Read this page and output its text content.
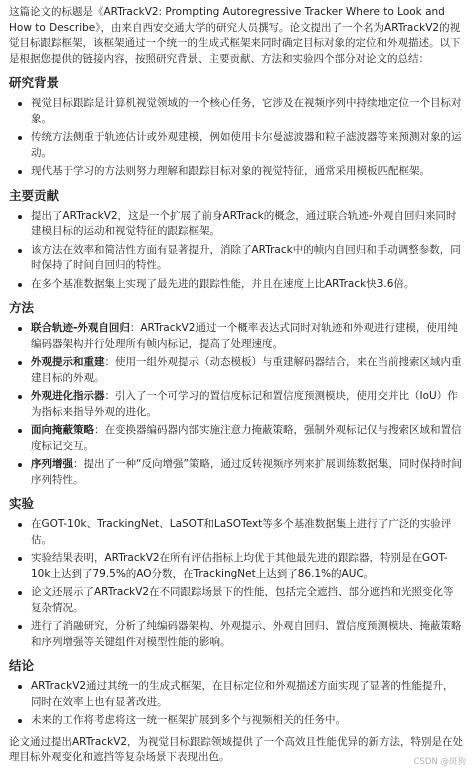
这篇论文的标题是《ARTrackV2: Prompting Autoregressive Tracker Where to Look and How to Describe》，由来自西安交通大学的研究人员撰写。论文提出了一个名为ARTrackV2的视觉目标跟踪框架，该框架通过一个统一的生成式框架来同时确定目标对象的定位和外观描述。以下是根据您提供的链接内容，按照研究背景、主要贡献、方法和实验四个部分对论文的总结：

研究背景
视觉目标跟踪是计算机视觉领域的一个核心任务，它涉及在视频序列中持续地定位一个目标对象。
传统方法侧重于轨迹估计或外观建模，例如使用卡尔曼滤波器和粒子滤波器等来预测对象的运动。
现代基于学习的方法则努力理解和跟踪目标对象的视觉特征，通常采用模板匹配框架。
主要贡献
提出了ARTrackV2，这是一个扩展了前身ARTrack的概念，通过联合轨迹-外观自回归来同时建模目标的运动和视觉特征的跟踪框架。
该方法在效率和简洁性方面有显著提升，消除了ARTrack中的帧内自回归和手动调整参数，同时保持了时间自回归的特性。
在多个基准数据集上实现了最先进的跟踪性能，并且在速度上比ARTrack快3.6倍。
方法
联合轨迹-外观自回归：ARTrackV2通过一个概率表达式同时对轨迹和外观进行建模，使用纯编码器架构并行处理所有帧内标记，提高了处理速度。
外观提示和重建：使用一组外观提示（动态模板）与重建解码器结合，来在当前搜索区域内重建目标的外观。
外观进化指示器：引入了一个可学习的置信度标记和置信度预测模块，使用交并比（IoU）作为指标来指导外观的进化。
面向掩蔽策略：在变换器编码器内部实施注意力掩蔽策略，强制外观标记仅与搜索区域和置信度标记交互。
序列增强：提出了一种“反向增强”策略，通过反转视频序列来扩展训练数据集，同时保持时间序列特性。
实验
在GOT-10k、TrackingNet、LaSOT和LaSOText等多个基准数据集上进行了广泛的实验评估。
实验结果表明，ARTrackV2在所有评估指标上均优于其他最先进的跟踪器，特别是在GOT-10k上达到了79.5%的AO分数，在TrackingNet上达到了86.1%的AUC。
论文还展示了ARTrackV2在不同跟踪场景下的性能，包括完全遮挡、部分遮挡和光照变化等复杂情况。
进行了消融研究，分析了纯编码器架构、外观提示、外观自回归、置信度预测模块、掩蔽策略和序列增强等关键组件对模型性能的影响。
结论
ARTrackV2通过其统一的生成式框架，在目标定位和外观描述方面实现了显著的性能提升，同时在效率上也有显著改进。
未来的工作将考虑将这一统一框架扩展到多个与视频相关的任务中。

论文通过提出ARTrackV2，为视觉目标跟踪领域提供了一个高效且性能优异的新方法，特别是在处理目标外观变化和遮挡等复杂场景下表现出色。	CSDN @斑狗
